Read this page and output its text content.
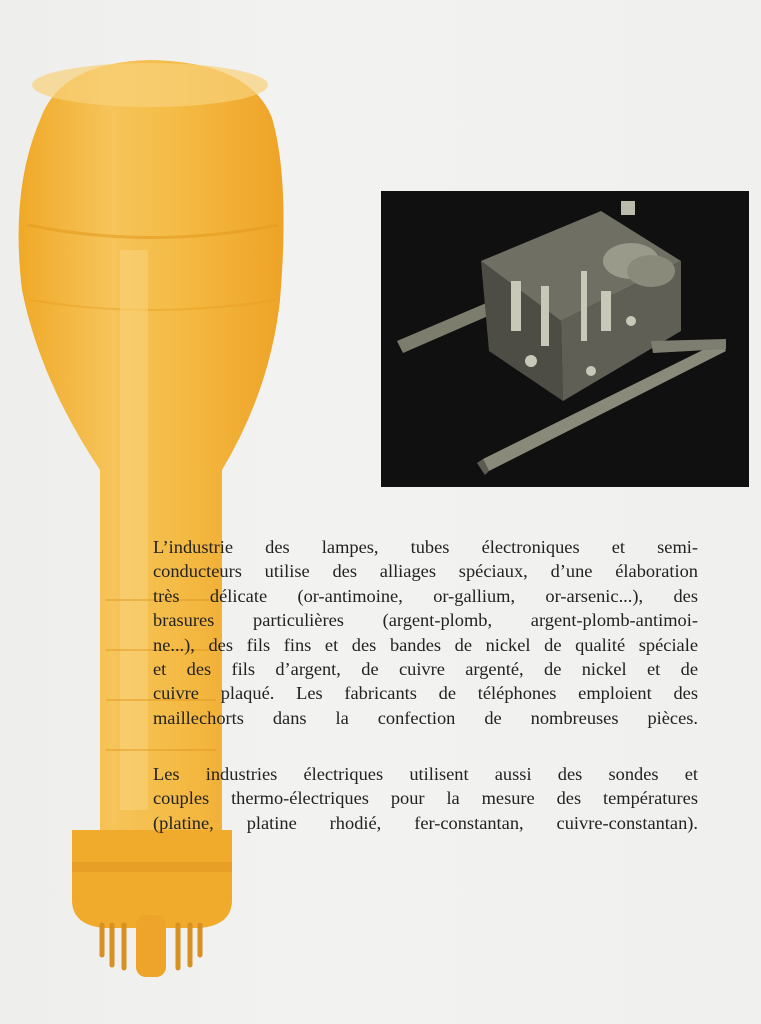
L’industrie des lampes, tubes électroniques et semi-
conducteurs utilise des alliages spéciaux, d’une élaboration
très délicate (or-antimoine, or-gallium, or-arsenic...), des
brasures particulières (argent-plomb, argent-plomb-antimoi-
ne...), des fils fins et des bandes de nickel de qualité spéciale
et des fils d’argent, de cuivre argenté, de nickel et de
cuivre plaqué. Les fabricants de téléphones emploient des
maillechorts dans la confection de nombreuses pièces.
Les industries électriques utilisent aussi des sondes et
couples thermo-électriques pour la mesure des températures
(platine, platine rhodié, fer-constantan, cuivre-constantan).
